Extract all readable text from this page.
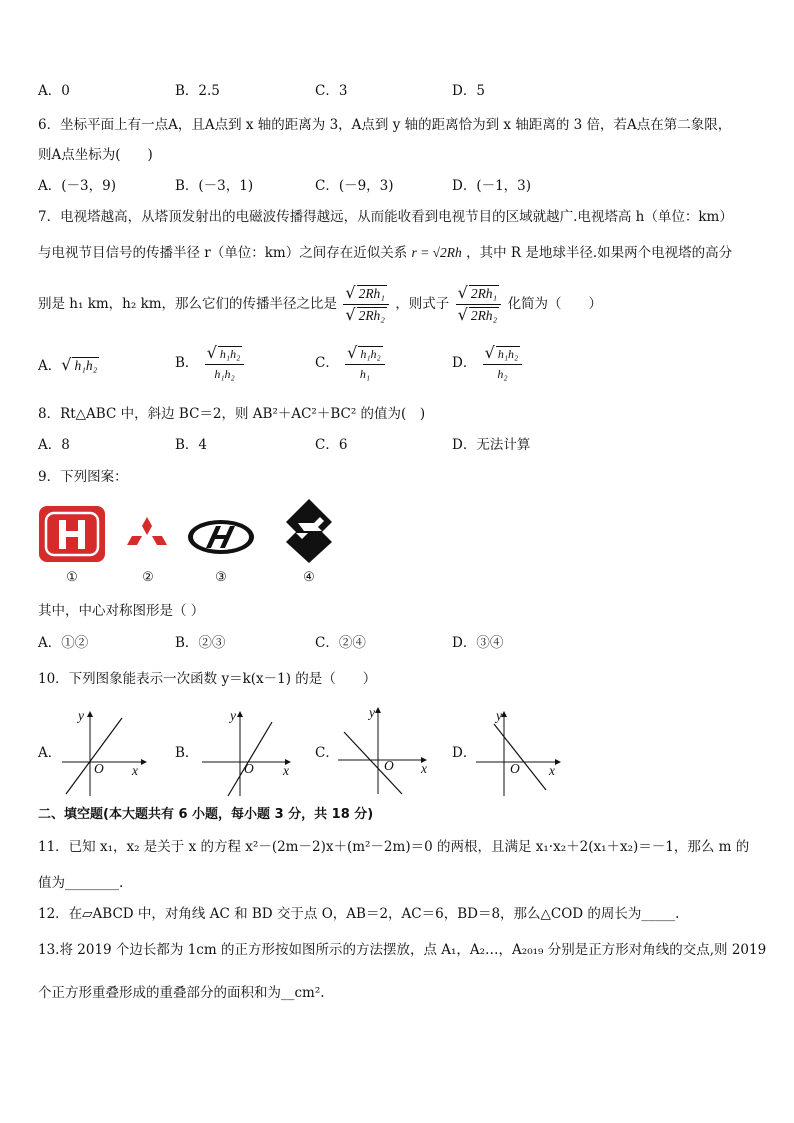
A．0	B．2.5	C．3	D．5
6．坐标平面上有一点A，且A点到 x 轴的距离为 3，A点到 y 轴的距离恰为到 x 轴距离的 3 倍，若A点在第二象限，
则A点坐标为(　　)
A．(－3，9)	B．(－3，1)	C．(－9，3)	D．(－1，3)
7．电视塔越高，从塔顶发射出的电磁波传播得越远，从而能收看到电视节目的区域就越广.电视塔高 h（单位：km）
与电视节目信号的传播半径 r（单位：km）之间存在近似关系 r = √2Rh ，其中 R 是地球半径.如果两个电视塔的高分
别是 h₁ km，h₂ km，那么它们的传播半径之比是 $\frac{\text{√ 2Rh₁}}{\text{√ 2Rh₂}}$ ，则式子 $\frac{\text{√ 2Rh₁}}{\text{√ 2Rh₂}}$ 化简为（　　）
A．√ h₁h₂	B． $\frac{\text{√ h₁h₂}}{\text{h₁h₂}}$	C． $\frac{\text{√ h₁h₂}}{\text{h₁}}$	D． $\frac{\text{√ h₁h₂}}{\text{h₂}}$
8．Rt△ABC 中，斜边 BC＝2，则 AB²＋AC²＋BC² 的值为(　)
A．8	B．4	C．6	D．无法计算
9．下列图案：
①	②	③	④
其中，中心对称图形是（ ）
A．①②	B．②③	C．②④	D．③④
10．下列图象能表示一次函数 y＝k(x－1) 的是（　　）
A．	B．	C．	D．
y
x
O
y
x
O
y
x
O
y
x
O
二、填空题(本大题共有 6 小题，每小题 3 分，共 18 分)
11．已知 x₁，x₂ 是关于 x 的方程 x²－(2m－2)x＋(m²－2m)＝0 的两根，且满足 x₁·x₂＋2(x₁＋x₂)＝－1，那么 m 的
值为________.
12．在▱ABCD 中，对角线 AC 和 BD 交于点 O，AB＝2，AC＝6，BD＝8，那么△COD 的周长为_____.
13.将 2019 个边长都为 1cm 的正方形按如图所示的方法摆放，点 A₁，A₂…，A₂₀₁₉ 分别是正方形对角线的交点,则 2019
个正方形重叠形成的重叠部分的面积和为__cm².
